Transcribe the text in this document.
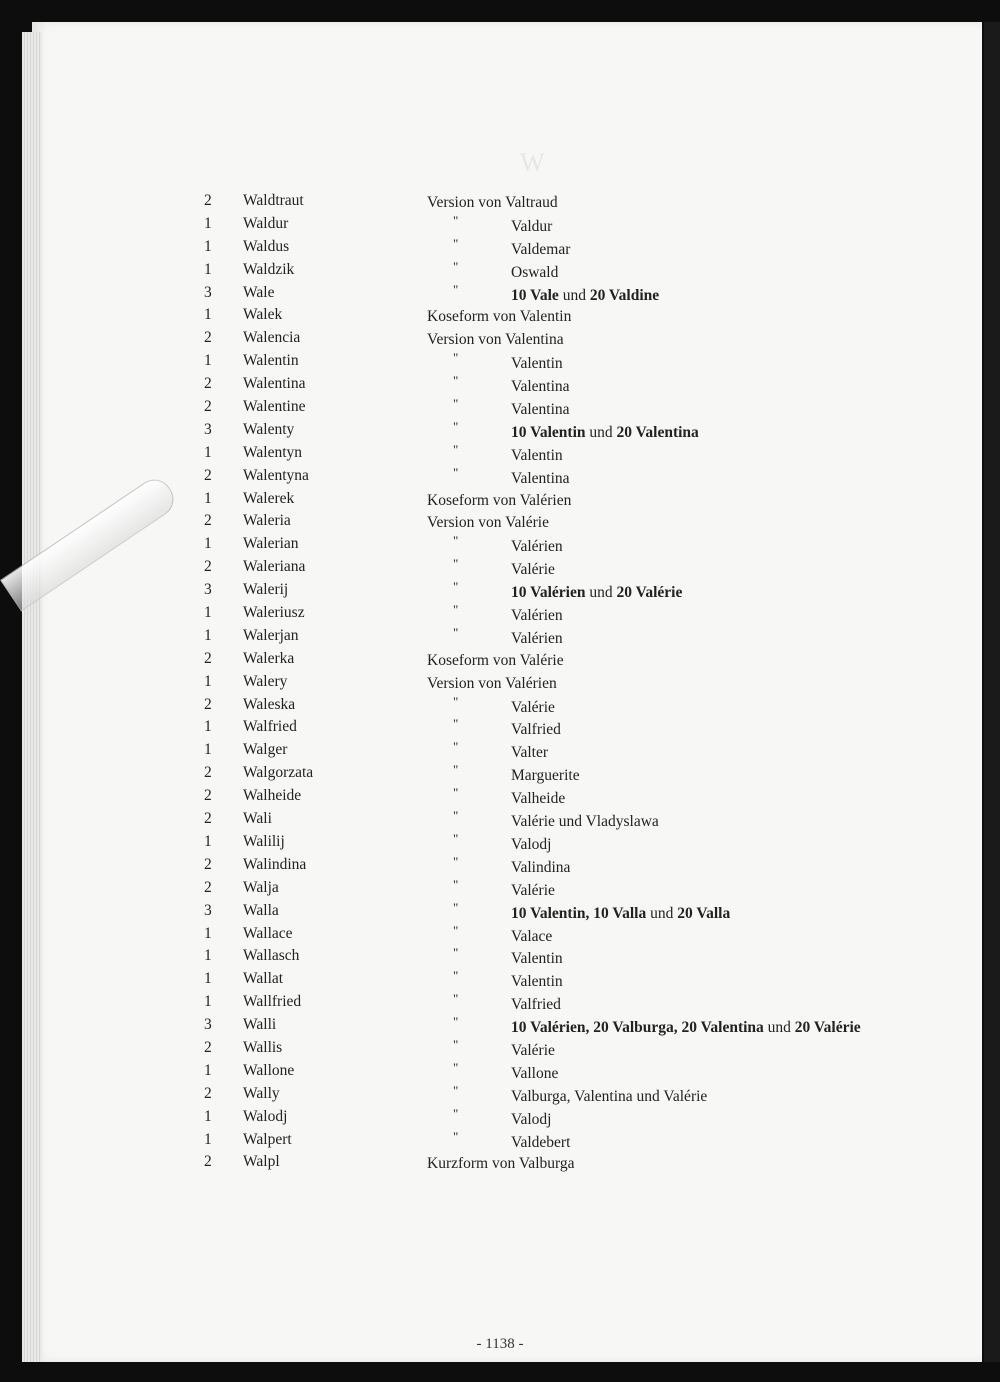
W
2 Waldtraut	Version von Valtraud
1 Waldur	"	Valdur
1 Waldus	"	Valdemar
1 Waldzik	"	Oswald
3 Wale	"	10 Vale und 20 Valdine
1 Walek	Koseform von Valentin
2 Walencia	Version von Valentina
1 Walentin	"	Valentin
2 Walentina	"	Valentina
2 Walentine	"	Valentina
3 Walenty	"	10 Valentin und 20 Valentina
1 Walentyn	"	Valentin
2 Walentyna	"	Valentina
1 Walerek	Koseform von Valérien
2 Waleria	Version von Valérie
1 Walerian	"	Valérien
2 Waleriana	"	Valérie
3 Walerij	"	10 Valérien und 20 Valérie
1 Waleriusz	"	Valérien
1 Walerjan	"	Valérien
2 Walerka	Koseform von Valérie
1 Walery	Version von Valérien
2 Waleska	"	Valérie
1 Walfried	"	Valfried
1 Walger	"	Valter
2 Walgorzata	"	Marguerite
2 Walheide	"	Valheide
2 Wali	"	Valérie und Vladyslawa
1 Walilij	"	Valodj
2 Walindina	"	Valindina
2 Walja	"	Valérie
3 Walla	"	10 Valentin, 10 Valla und 20 Valla
1 Wallace	"	Valace
1 Wallasch	"	Valentin
1 Wallat	"	Valentin
1 Wallfried	"	Valfried
3 Walli	"	10 Valérien, 20 Valburga, 20 Valentina und 20 Valérie
2 Wallis	"	Valérie
1 Wallone	"	Vallone
2 Wally	"	Valburga, Valentina und Valérie
1 Walodj	"	Valodj
1 Walpert	"	Valdebert
2 Walpl	Kurzform von Valburga
- 1138 -
